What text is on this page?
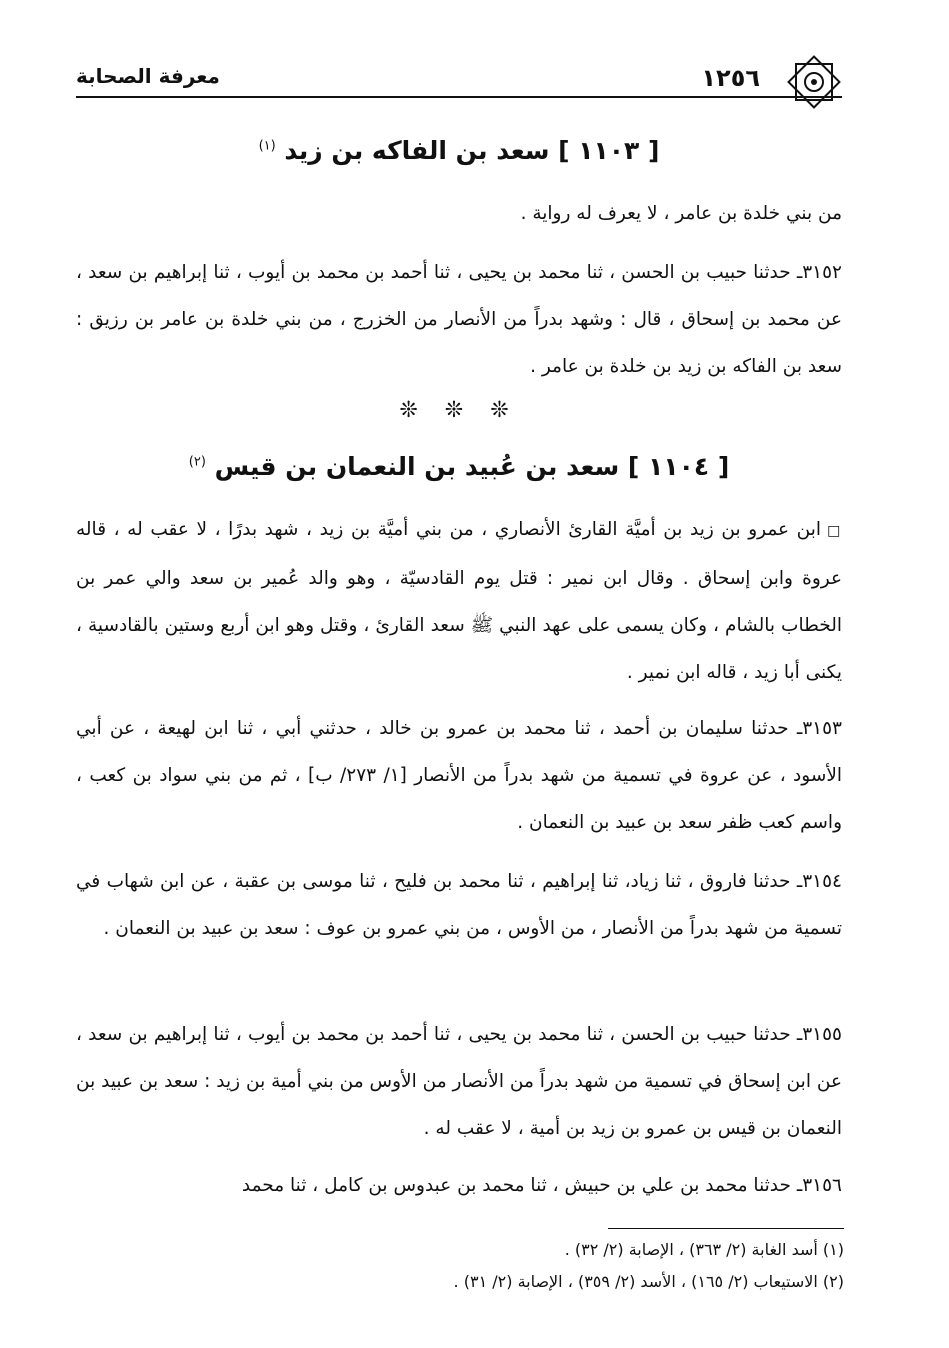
١٢٥٦
معرفة الصحابة
[ ١١٠٣ ] سعد بن الفاكه بن زيد $^{(١)}$
من بني خلدة بن عامر ، لا يعرف له رواية .
٣١٥٢ـ حدثنا حبيب بن الحسن ، ثنا محمد بن يحيى ، ثنا أحمد بن محمد بن أيوب ، ثنا إبراهيم بن سعد ، عن محمد بن إسحاق ، قال : وشهد بدراً من الأنصار من الخزرج ، من بني خلدة بن عامر بن رزيق : سعد بن الفاكه بن زيد بن خلدة بن عامر .
❊ ❊ ❊
[ ١١٠٤ ] سعد بن عُبيد بن النعمان بن قيس $^{(٢)}$
□ابن عمرو بن زيد بن أميَّة القارئ الأنصاري ، من بني أميَّة بن زيد ، شهد بدرًا ، لا عقب له ، قاله عروة وابن إسحاق . وقال ابن نمير : قتل يوم القادسيّة ، وهو والد عُمير بن سعد والي عمر بن الخطاب بالشام ، وكان يسمى على عهد النبي ﷺ سعد القارئ ، وقتل وهو ابن أربع وستين بالقادسية ، يكنى أبا زيد ، قاله ابن نمير .
٣١٥٣ـ حدثنا سليمان بن أحمد ، ثنا محمد بن عمرو بن خالد ، حدثني أبي ، ثنا ابن لهيعة ، عن أبي الأسود ، عن عروة في تسمية من شهد بدراً من الأنصار [١/ ٢٧٣/ ب] ، ثم من بني سواد بن كعب ، واسم كعب ظفر سعد بن عبيد بن النعمان .
٣١٥٤ـ حدثنا فاروق ، ثنا زياد، ثنا إبراهيم ، ثنا محمد بن فليح ، ثنا موسى بن عقبة ، عن ابن شهاب في تسمية من شهد بدراً من الأنصار ، من الأوس ، من بني عمرو بن عوف : سعد بن عبيد بن النعمان .
٣١٥٥ـ حدثنا حبيب بن الحسن ، ثنا محمد بن يحيى ، ثنا أحمد بن محمد بن أيوب ، ثنا إبراهيم بن سعد ، عن ابن إسحاق في تسمية من شهد بدراً من الأنصار من الأوس من بني أمية بن زيد : سعد بن عبيد بن النعمان بن قيس بن عمرو بن زيد بن أمية ، لا عقب له .
٣١٥٦ـ حدثنا محمد بن علي بن حبيش ، ثنا محمد بن عبدوس بن كامل ، ثنا محمد
(١) أسد الغابة (٢/ ٣٦٣) ، الإصابة (٢/ ٣٢) .
(٢) الاستيعاب (٢/ ١٦٥) ، الأسد (٢/ ٣٥٩) ، الإصابة (٢/ ٣١) .
